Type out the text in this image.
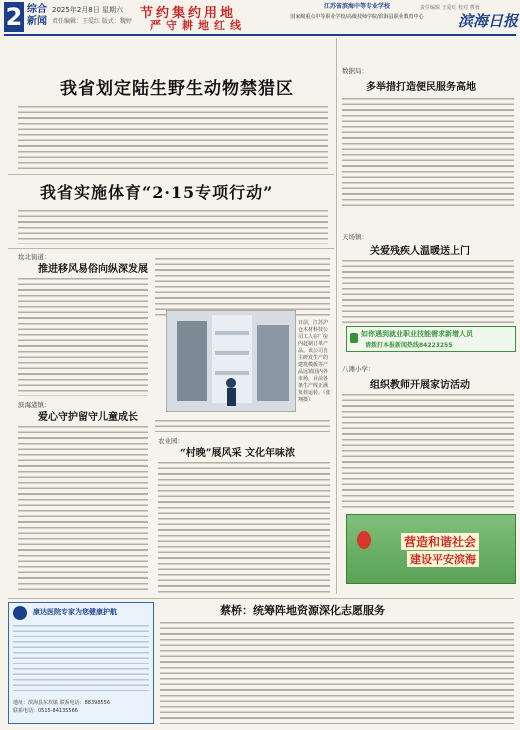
2 综合
新闻
2025年2月8日 星期六
责任编辑：王爱红 版式：魏婷
节约集约用地
严守耕地红线
江苏省滨海中等专业学校
国家级重点中等职业学校/高级技师学院/滨海县职业教育中心
责任编辑 王爱红 校对 曹蓉
滨海日报
我省划定陆生野生动物禁猎区
我省实施体育“2·15专项行动”
坎北街道：
推进移风易俗向纵深发展
滨海港镇：
爱心守护留守儿童成长
日前，江苏沪仓木材科技公司工人在厂房内赶制订单产品。该公司自主研发生产的建筑模板等产品远销国内外市场，目前各条生产线正满负荷运转。（张翔摄）
农业园：
“村晚”展风采 文化年味浓
数据局：
多举措打造便民服务高地
天场镇：
关爱残疾人温暖送上门
如你遇到就业职业技能需求新增人员
请拨打本报新闻热线84223255
八滩小学：
组织教师开展家访活动
营造和谐社会
建设平安滨海
康达医院专家为您健康护航
地址：滨海县东坎镇 联系电话：88398556
联系电话：0515-84135566
蔡桥：统筹阵地资源深化志愿服务
